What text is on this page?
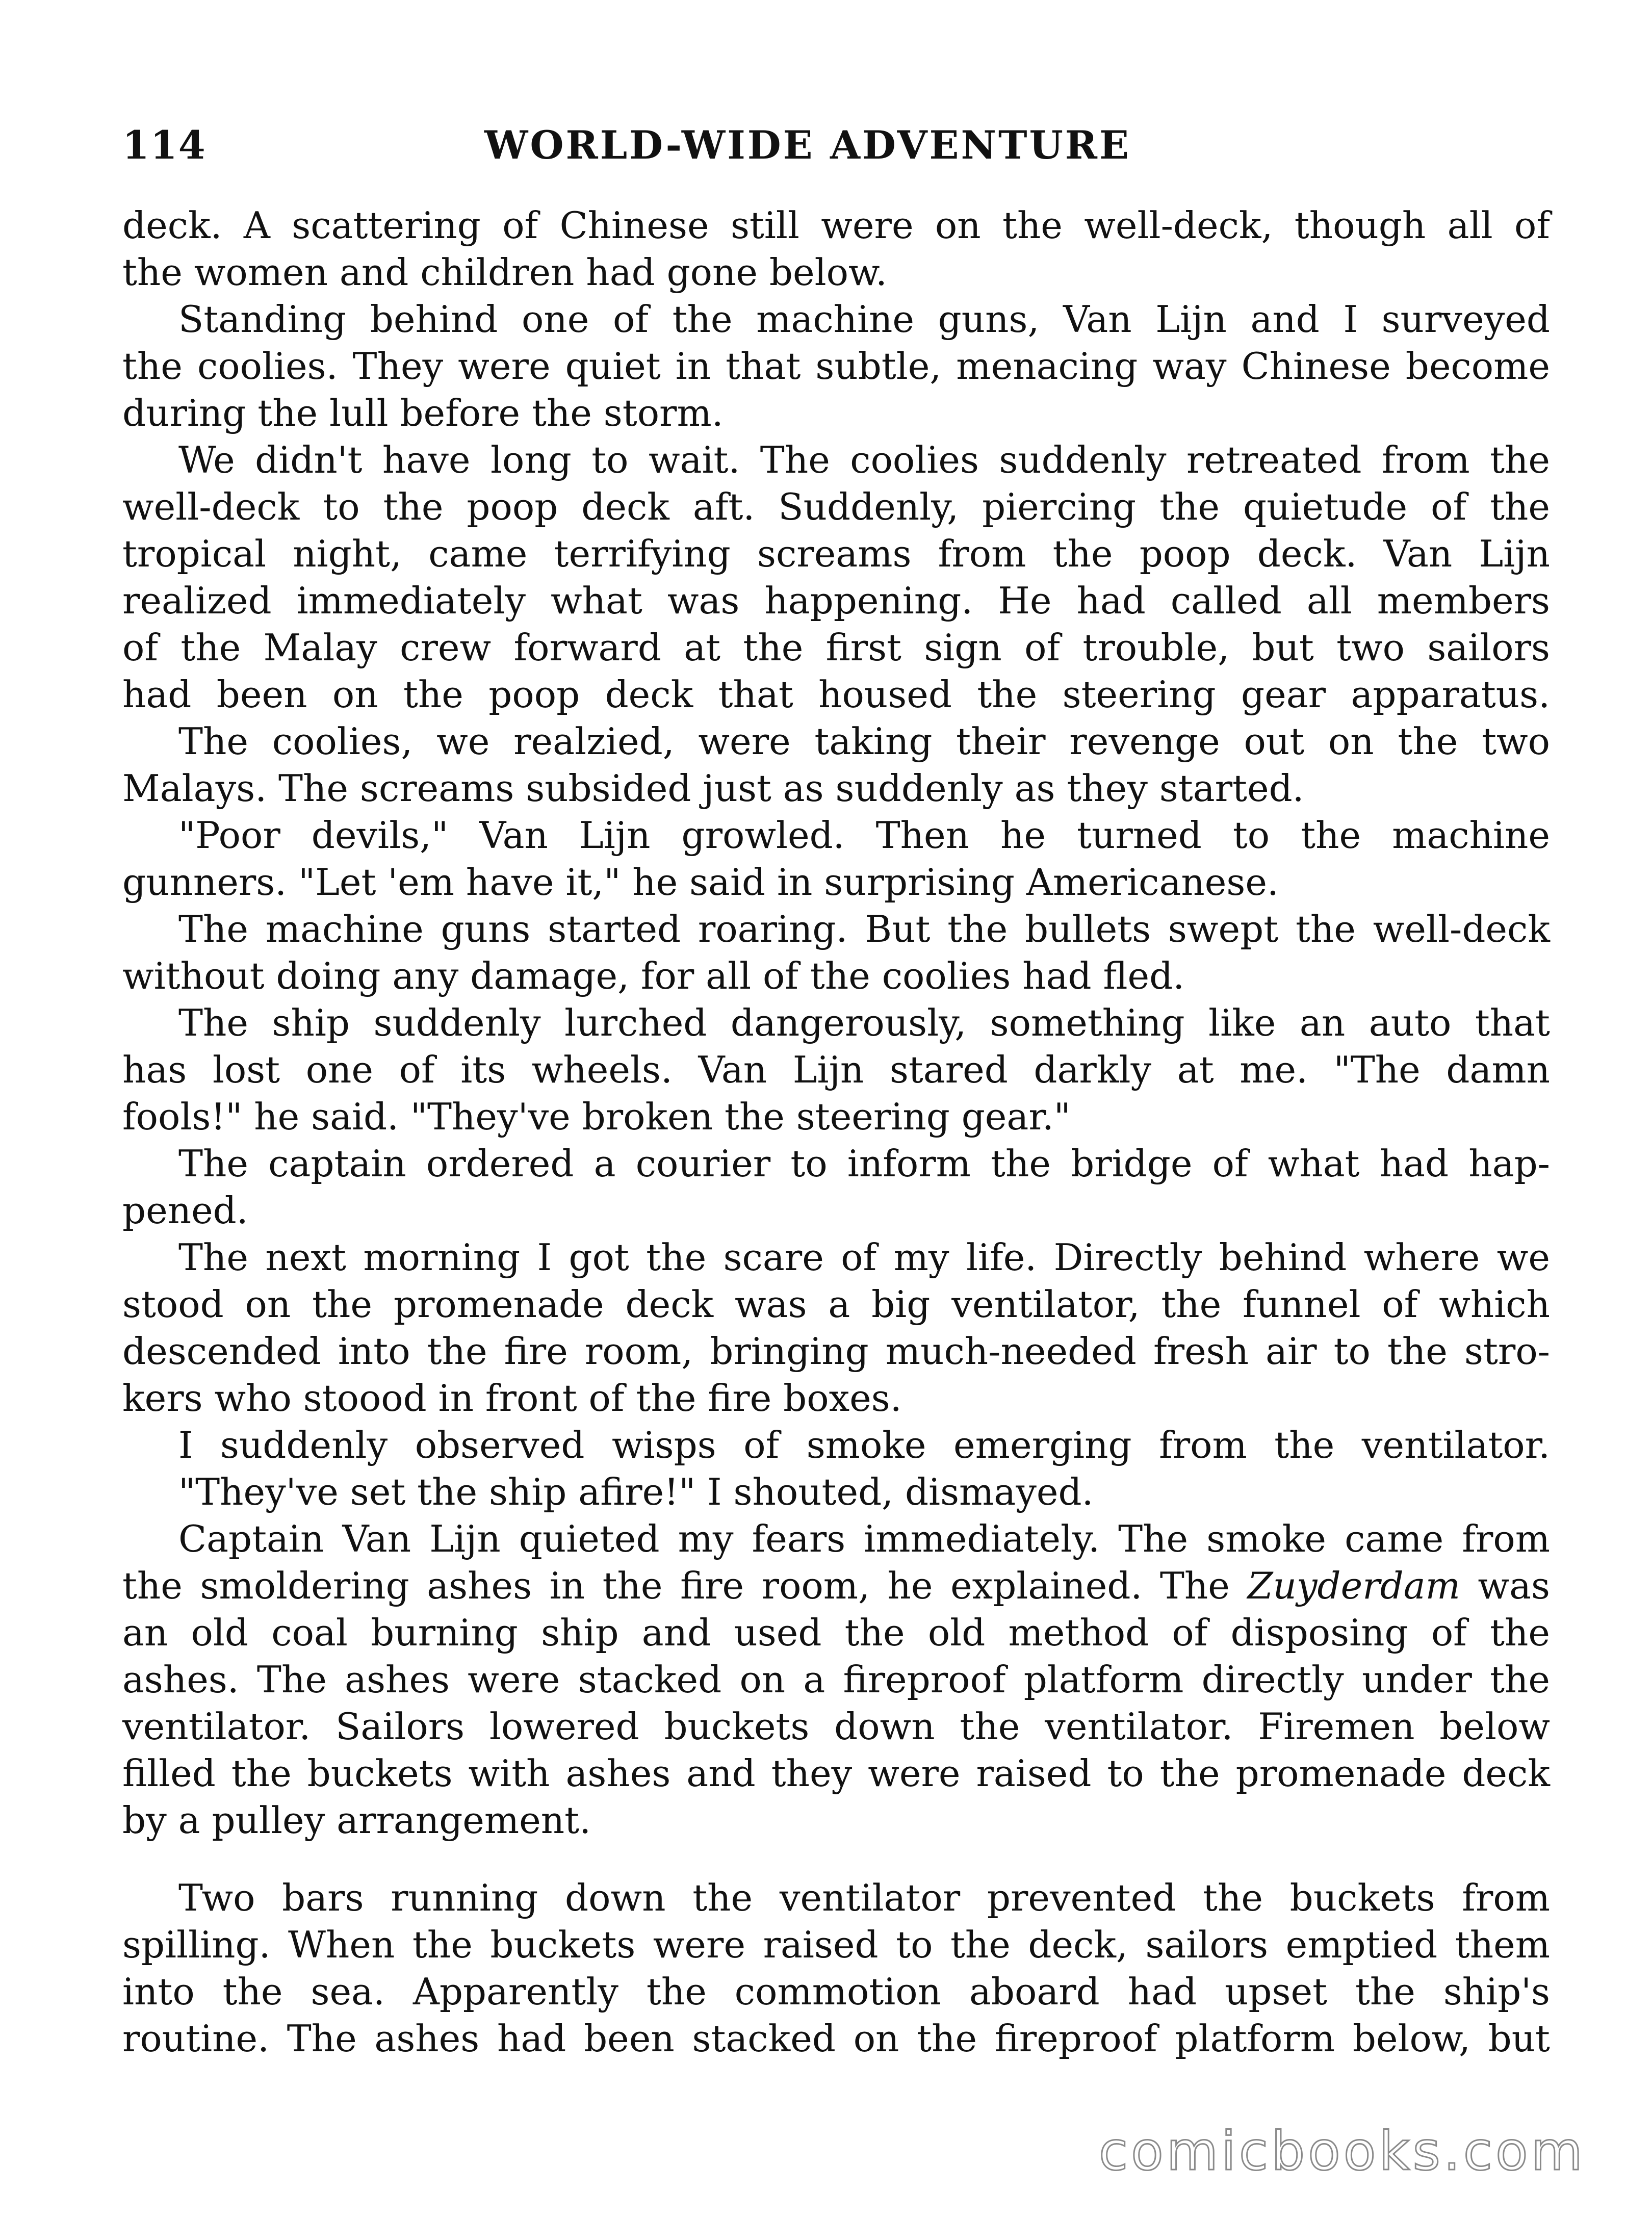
114	WORLD-WIDE ADVENTURE
deck. A scattering of Chinese still were on the well-deck, though all of
the women and children had gone below.
Standing behind one of the machine guns, Van Lijn and I surveyed
the coolies. They were quiet in that subtle, menacing way Chinese become
during the lull before the storm.
We didn't have long to wait. The coolies suddenly retreated from the
well-deck to the poop deck aft. Suddenly, piercing the quietude of the
tropical night, came terrifying screams from the poop deck. Van Lijn
realized immediately what was happening. He had called all members
of the Malay crew forward at the first sign of trouble, but two sailors
had been on the poop deck that housed the steering gear apparatus.
The coolies, we realzied, were taking their revenge out on the two
Malays. The screams subsided just as suddenly as they started.
"Poor devils," Van Lijn growled. Then he turned to the machine
gunners. "Let 'em have it," he said in surprising Americanese.
The machine guns started roaring. But the bullets swept the well-deck
without doing any damage, for all of the coolies had fled.
The ship suddenly lurched dangerously, something like an auto that
has lost one of its wheels. Van Lijn stared darkly at me. "The damn
fools!" he said. "They've broken the steering gear."
The captain ordered a courier to inform the bridge of what had hap-
pened.
The next morning I got the scare of my life. Directly behind where we
stood on the promenade deck was a big ventilator, the funnel of which
descended into the fire room, bringing much-needed fresh air to the stro-
kers who stoood in front of the fire boxes.
I suddenly observed wisps of smoke emerging from the ventilator.
"They've set the ship afire!" I shouted, dismayed.
Captain Van Lijn quieted my fears immediately. The smoke came from
the smoldering ashes in the fire room, he explained. The Zuyderdam was
an old coal burning ship and used the old method of disposing of the
ashes. The ashes were stacked on a fireproof platform directly under the
ventilator. Sailors lowered buckets down the ventilator. Firemen below
filled the buckets with ashes and they were raised to the promenade deck
by a pulley arrangement.
Two bars running down the ventilator prevented the buckets from
spilling. When the buckets were raised to the deck, sailors emptied them
into the sea. Apparently the commotion aboard had upset the ship's
routine. The ashes had been stacked on the fireproof platform below, but
comicbooks.com
